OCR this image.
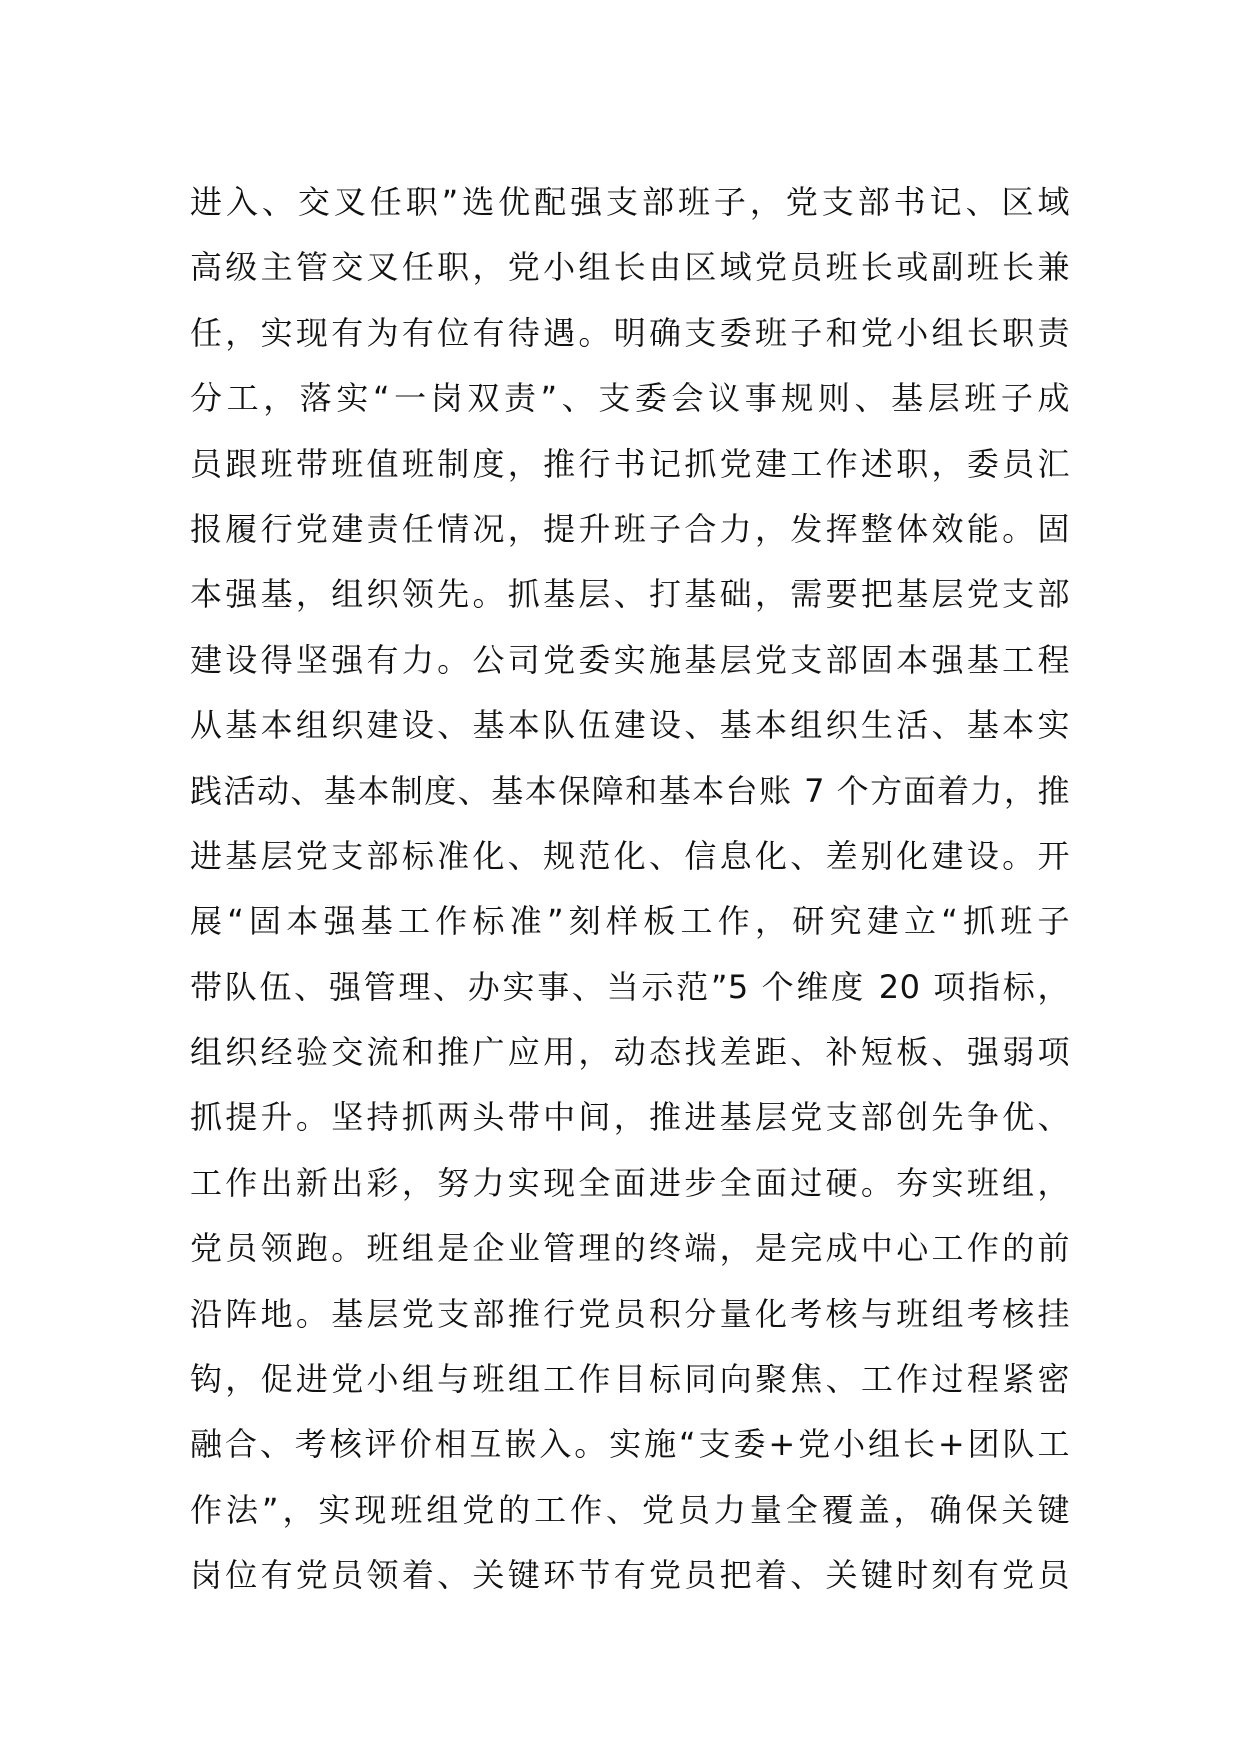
进入、交叉任职”选优配强支部班子，党支部书记、区域
高级主管交叉任职，党小组长由区域党员班长或副班长兼
任，实现有为有位有待遇。明确支委班子和党小组长职责
分工，落实“一岗双责”、支委会议事规则、基层班子成
员跟班带班值班制度，推行书记抓党建工作述职，委员汇
报履行党建责任情况，提升班子合力，发挥整体效能。固
本强基，组织领先。抓基层、打基础，需要把基层党支部
建设得坚强有力。公司党委实施基层党支部固本强基工程
从基本组织建设、基本队伍建设、基本组织生活、基本实
践活动、基本制度、基本保障和基本台账 7 个方面着力，推
进基层党支部标准化、规范化、信息化、差别化建设。开
展“固本强基工作标准”刻样板工作，研究建立“抓班子
带队伍、强管理、办实事、当示范”5 个维度 20 项指标，
组织经验交流和推广应用，动态找差距、补短板、强弱项
抓提升。坚持抓两头带中间，推进基层党支部创先争优、
工作出新出彩，努力实现全面进步全面过硬。夯实班组，
党员领跑。班组是企业管理的终端，是完成中心工作的前
沿阵地。基层党支部推行党员积分量化考核与班组考核挂
钩，促进党小组与班组工作目标同向聚焦、工作过程紧密
融合、考核评价相互嵌入。实施“支委+党小组长+团队工
作法”，实现班组党的工作、党员力量全覆盖，确保关键
岗位有党员领着、关键环节有党员把着、关键时刻有党员
